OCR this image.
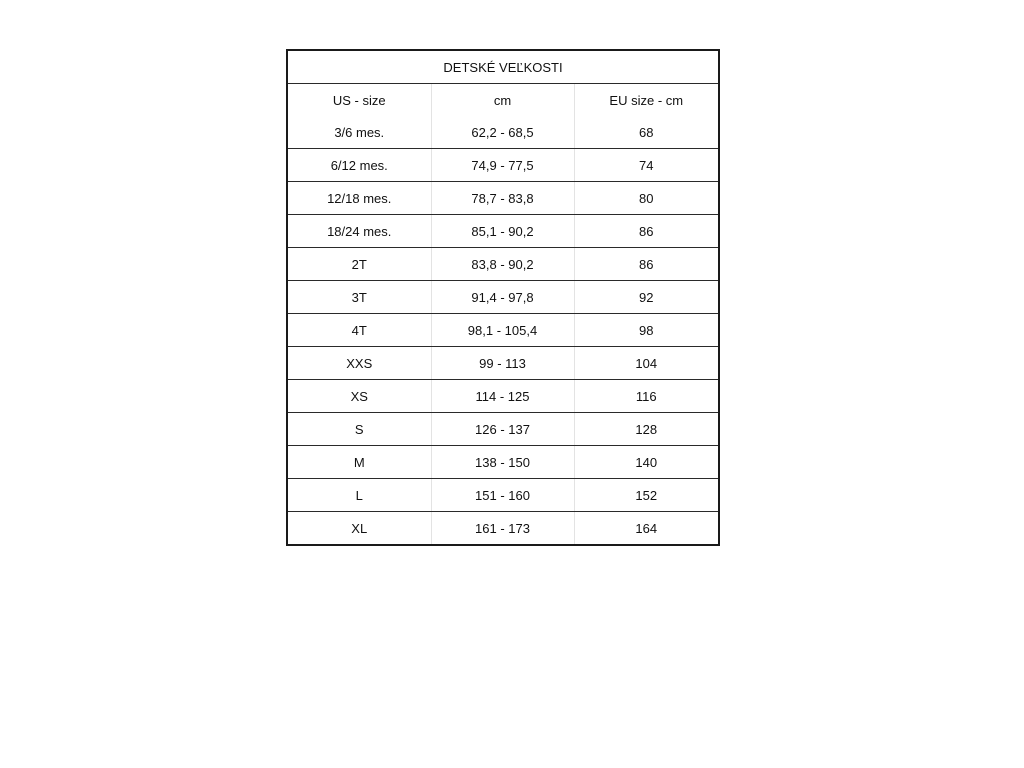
DETSKÉ VEĽKOSTI		
US - size	cm	EU size - cm
3/6 mes.	62,2 - 68,5	68
6/12 mes.	74,9 - 77,5	74
12/18 mes.	78,7 - 83,8	80
18/24 mes.	85,1 - 90,2	86
2T	83,8 - 90,2	86
3T	91,4 - 97,8	92
4T	98,1 - 105,4	98
XXS	99 - 113	104
XS	114 - 125	116
S	126 - 137	128
M	138 - 150	140
L	151 - 160	152
XL	161 - 173	164
